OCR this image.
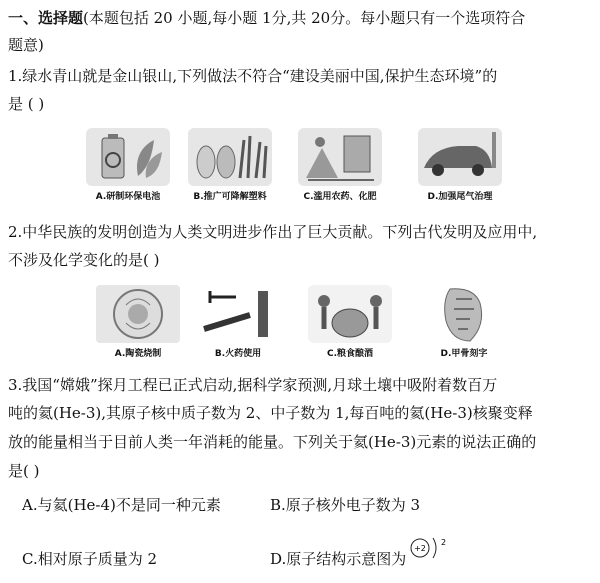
一、选择题(本题包括 20 小题,每小题 1分,共 20分。每小题只有一个选项符合
题意)
1.绿水青山就是金山银山,下列做法不符合“建设美丽中国,保护生态环境”的
是 ( )
A.研制环保电池	B.推广可降解塑料	C.滥用农药、化肥	D.加强尾气治理
2.中华民族的发明创造为人类文明进步作出了巨大贡献。下列古代发明及应用中,
不涉及化学变化的是( )
A.陶瓷烧制	B.火药使用	C.粮食酿酒	D.甲骨刻字
3.我国“嫦娥”探月工程已正式启动,据科学家预测,月球土壤中吸附着数百万
吨的氦(He-3),其原子核中质子数为 2、中子数为 1,每百吨的氦(He-3)核聚变释
放的能量相当于目前人类一年消耗的能量。下列关于氦(He-3)元素的说法正确的
是( )
A.与氦(He-4)不是同一种元素	B.原子核外电子数为 3
C.相对原子质量为 2	D.原子结构示意图为
+2
2
